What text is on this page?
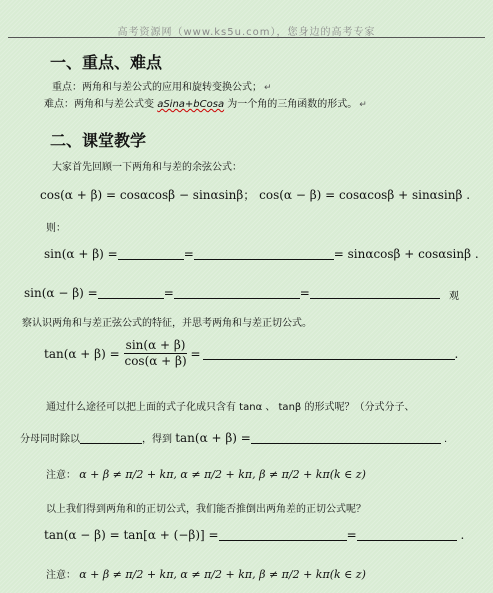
高考资源网（www.ks5u.com），您身边的高考专家
一、重点、难点
重点：两角和与差公式的应用和旋转变换公式； ↵
难点：两角和与差公式变 aSina+bCosa 为一个角的三角函数的形式。 ↵
二、课堂教学
大家首先回顾一下两角和与差的余弦公式：
cos(α + β) = cosαcosβ − sinαsinβ； cos(α − β) = cosαcosβ + sinαsinβ .
则：
sin(α + β) =	=	= sinαcosβ + cosαsinβ .
sin(α − β) =	=	=	观
察认识两角和与差正弦公式的特征，并思考两角和与差正切公式。
$\tan(\alpha + \beta) = \frac{\sin(\alpha + \beta)}{\cos(\alpha + \beta)}$ =	.
通过什么途径可以把上面的式子化成只含有 tanα 、 tanβ 的形式呢？（分式分子、
分母同时除以	，得到 tan(α + β) =	.
注意： α + β ≠ π/2 + kπ, α ≠ π/2 + kπ, β ≠ π/2 + kπ(k ∈ z)
以上我们得到两角和的正切公式，我们能否推倒出两角差的正切公式呢？
tan(α − β) = tan[α + (−β)] =	=	.
注意： α + β ≠ π/2 + kπ, α ≠ π/2 + kπ, β ≠ π/2 + kπ(k ∈ z)
